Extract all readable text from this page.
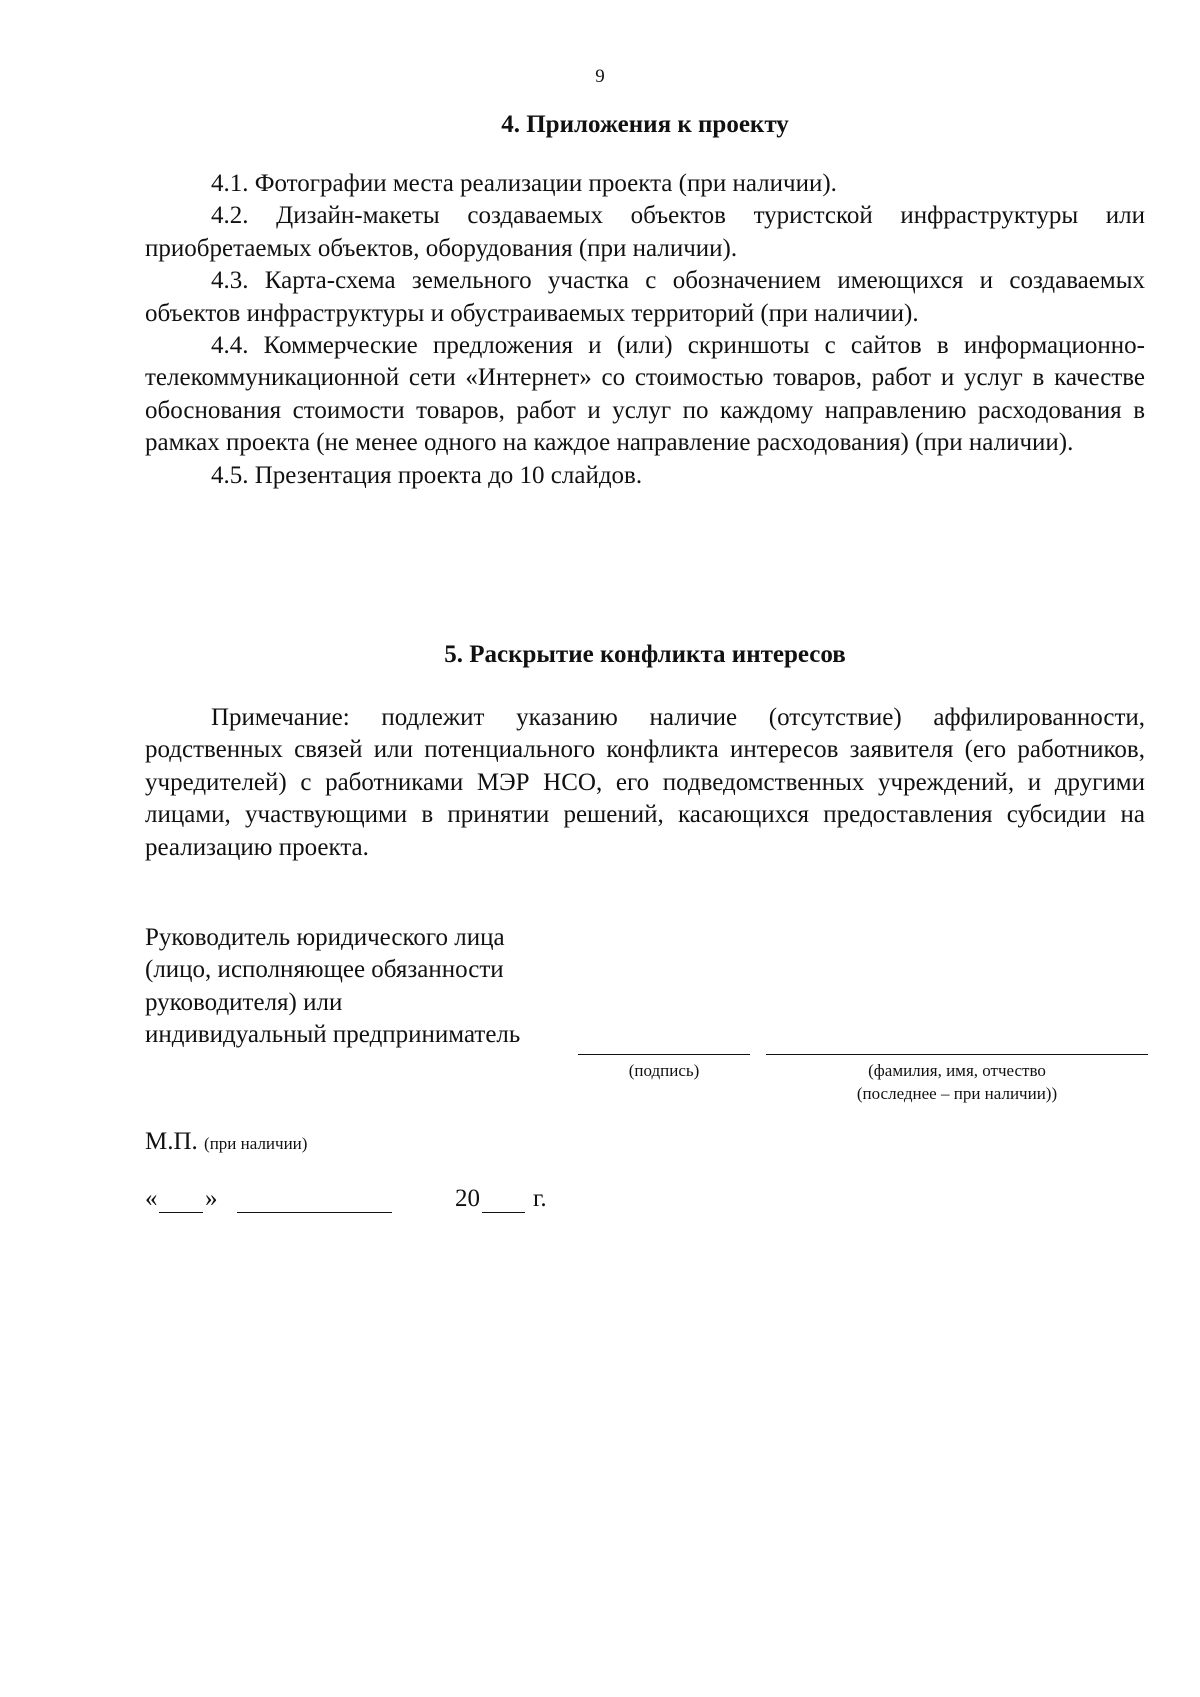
9
4. Приложения к проекту

4.1. Фотографии места реализации проекта (при наличии).

4.2. Дизайн-макеты создаваемых объектов туристской инфраструктуры или приобретаемых объектов, оборудования (при наличии).

4.3. Карта-схема земельного участка с обозначением имеющихся и создаваемых объектов инфраструктуры и обустраиваемых территорий (при наличии).

4.4. Коммерческие предложения и (или) скриншоты с сайтов в информационно-телекоммуникационной сети «Интернет» со стоимостью товаров, работ и услуг в качестве обоснования стоимости товаров, работ и услуг по каждому направлению расходования в рамках проекта (не менее одного на каждое направление расходования) (при наличии).

4.5. Презентация проекта до 10 слайдов.

5. Раскрытие конфликта интересов

Примечание: подлежит указанию наличие (отсутствие) аффилированности, родственных связей или потенциального конфликта интересов заявителя (его работников, учредителей) с работниками МЭР НСО, его подведомственных учреждений, и другими лицами, участвующими в принятии решений, касающихся предоставления субсидии на реализацию проекта.

Руководитель юридического лица
(лицо, исполняющее обязанности
руководителя) или
индивидуальный предприниматель
(подпись)	(фамилия, имя, отчество
(последнее – при наличии))
М.П. (при наличии)
« »	20 г.
